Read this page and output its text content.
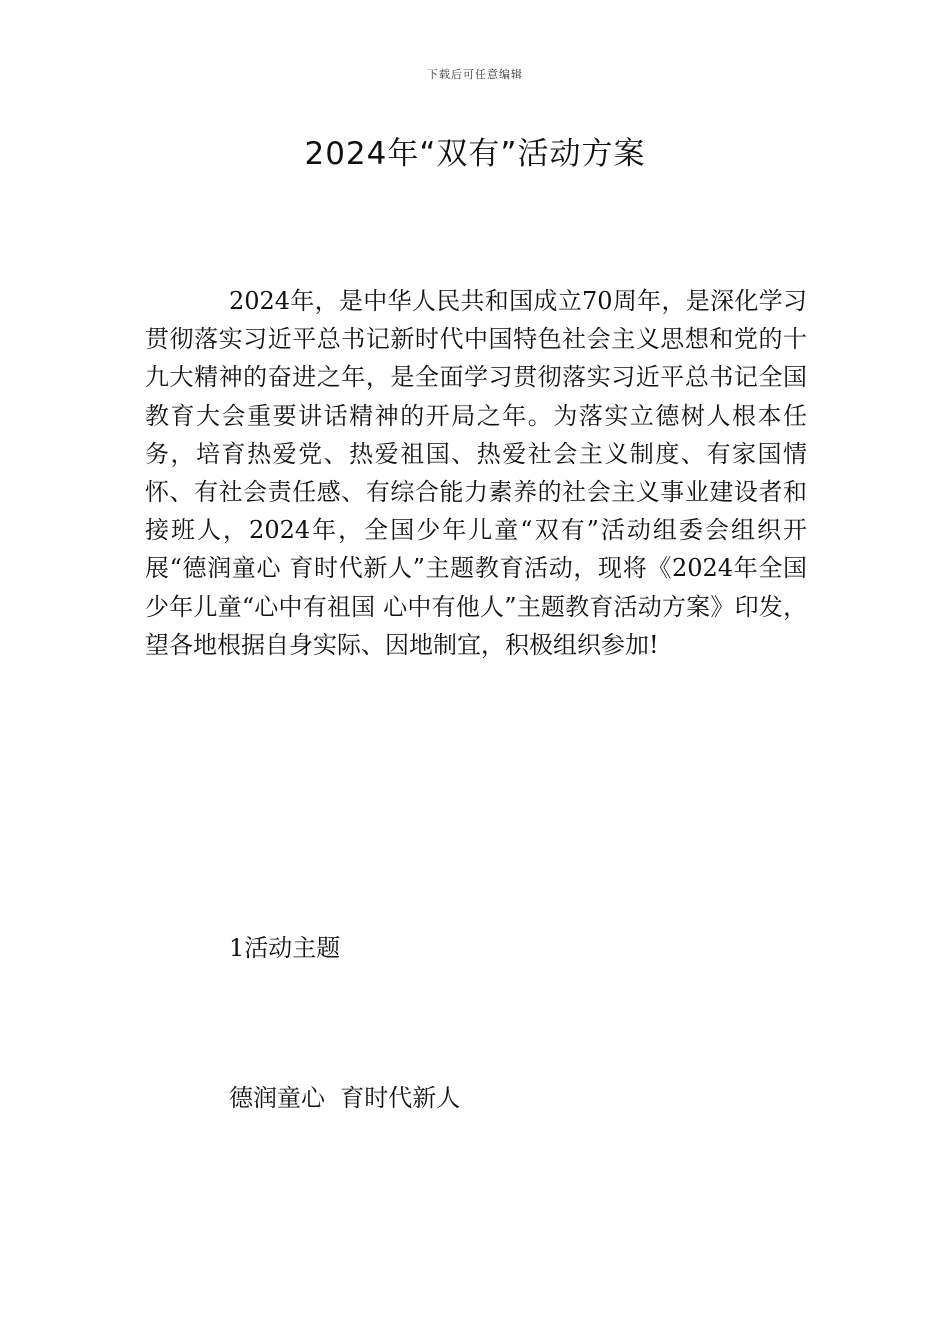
下载后可任意编辑
2024年“双有”活动方案

2024年，是中华人民共和国成立70周年，是深化学习贯彻落实习近平总书记新时代中国特色社会主义思想和党的十九大精神的奋进之年，是全面学习贯彻落实习近平总书记全国教育大会重要讲话精神的开局之年。为落实立德树人根本任务，培育热爱党、热爱祖国、热爱社会主义制度、有家国情怀、有社会责任感、有综合能力素养的社会主义事业建设者和接班人，2024年，全国少年儿童“双有”活动组委会组织开展“德润童心 育时代新人”主题教育活动，现将《2024年全国少年儿童“心中有祖国 心中有他人”主题教育活动方案》印发，望各地根据自身实际、因地制宜，积极组织参加!

1活动主题

德润童心  育时代新人
